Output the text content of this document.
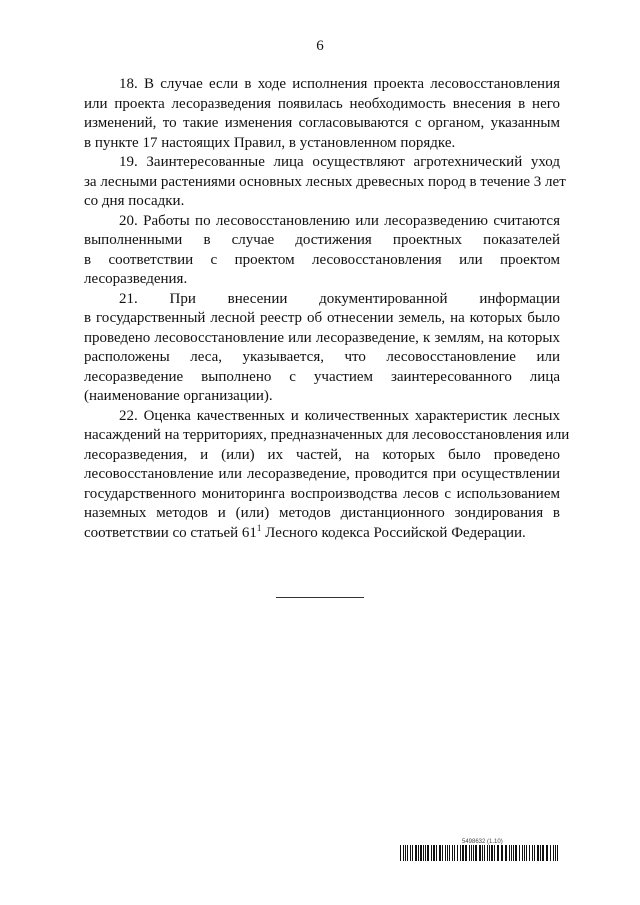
6
18. В случае если в ходе исполнения проекта лесовосстановления
или проекта лесоразведения появилась необходимость внесения в него
изменений, то такие изменения согласовываются с органом, указанным
в пункте 17 настоящих Правил, в установленном порядке.
19. Заинтересованные лица осуществляют агротехнический уход
за лесными растениями основных лесных древесных пород в течение 3 лет
со дня посадки.
20. Работы по лесовосстановлению или лесоразведению считаются
выполненными в случае достижения проектных показателей
в соответствии с проектом лесовосстановления или проектом
лесоразведения.
21. При внесении документированной информации
в государственный лесной реестр об отнесении земель, на которых было
проведено лесовосстановление или лесоразведение, к землям, на которых
расположены леса, указывается, что лесовосстановление или
лесоразведение выполнено с участием заинтересованного лица
(наименование организации).
22. Оценка качественных и количественных характеристик лесных
насаждений на территориях, предназначенных для лесовосстановления или
лесоразведения, и (или) их частей, на которых было проведено
лесовосстановление или лесоразведение, проводится при осуществлении
государственного мониторинга воспроизводства лесов с использованием
наземных методов и (или) методов дистанционного зондирования в
соответствии со статьей $61^1$ Лесного кодекса Российской Федерации.
5498632 (1.10)
